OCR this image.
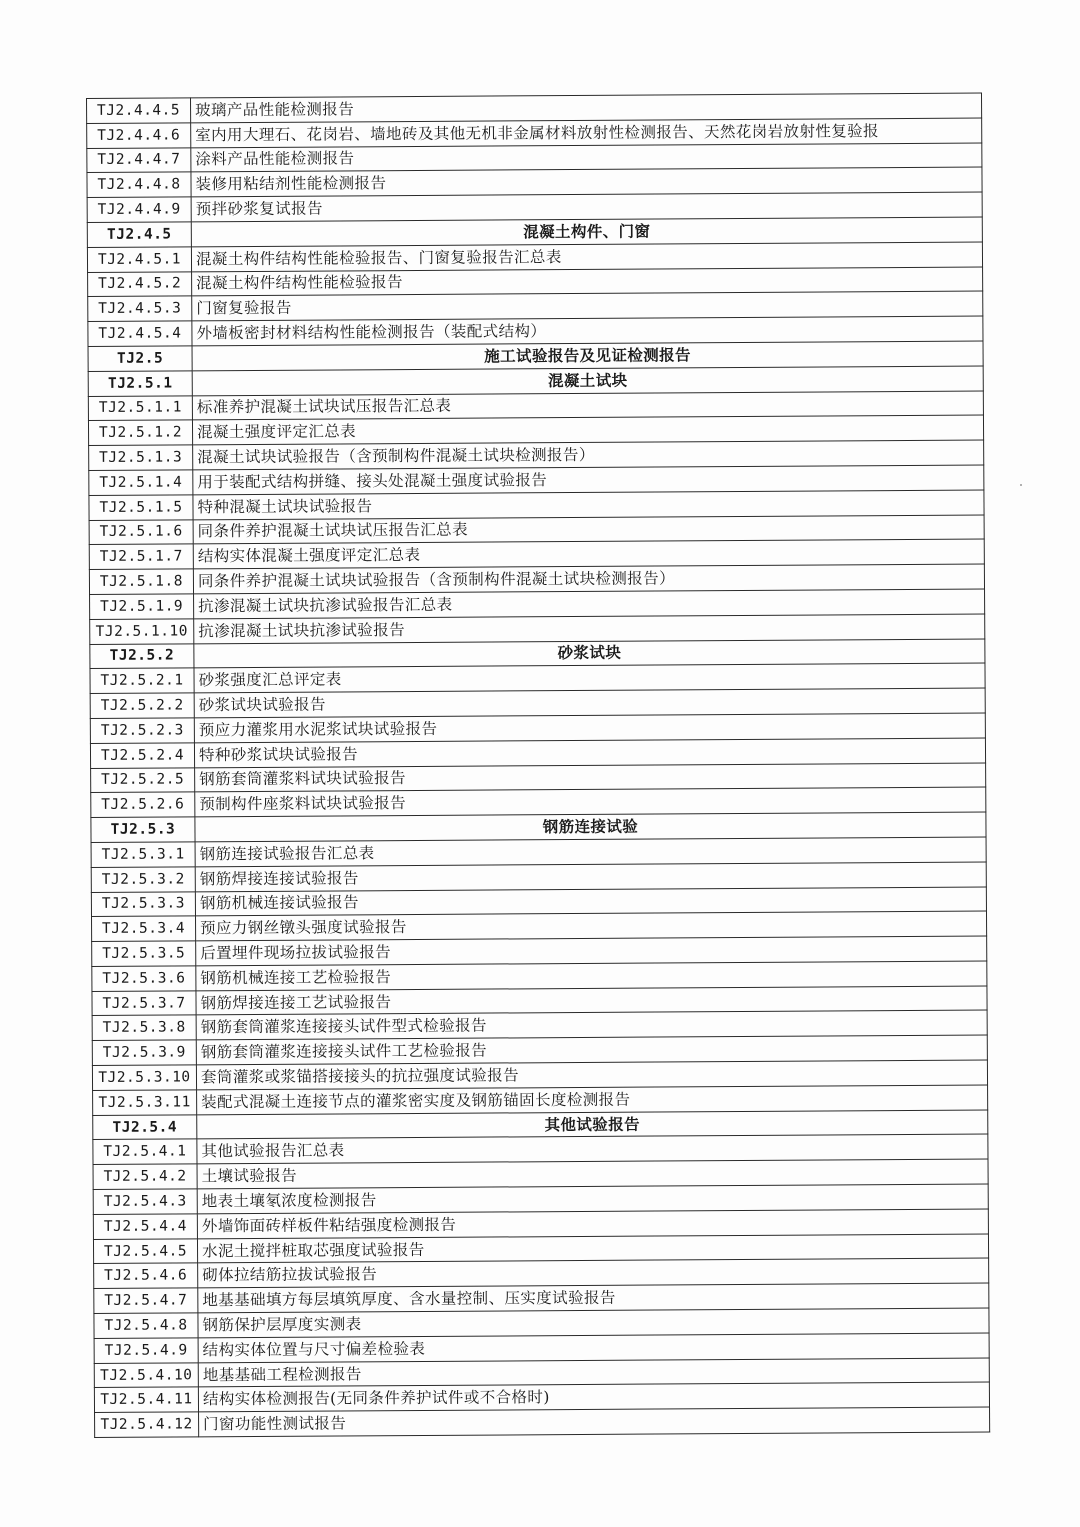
TJ2.4.4.5	玻璃产品性能检测报告
TJ2.4.4.6	室内用大理石、花岗岩、墙地砖及其他无机非金属材料放射性检测报告、天然花岗岩放射性复验报
TJ2.4.4.7	涂料产品性能检测报告
TJ2.4.4.8	装修用粘结剂性能检测报告
TJ2.4.4.9	预拌砂浆复试报告
TJ2.4.5	混凝土构件、门窗
TJ2.4.5.1	混凝土构件结构性能检验报告、门窗复验报告汇总表
TJ2.4.5.2	混凝土构件结构性能检验报告
TJ2.4.5.3	门窗复验报告
TJ2.4.5.4	外墙板密封材料结构性能检测报告（装配式结构）
TJ2.5	施工试验报告及见证检测报告
TJ2.5.1	混凝土试块
TJ2.5.1.1	标准养护混凝土试块试压报告汇总表
TJ2.5.1.2	混凝土强度评定汇总表
TJ2.5.1.3	混凝土试块试验报告（含预制构件混凝土试块检测报告）
TJ2.5.1.4	用于装配式结构拼缝、接头处混凝土强度试验报告
TJ2.5.1.5	特种混凝土试块试验报告
TJ2.5.1.6	同条件养护混凝土试块试压报告汇总表
TJ2.5.1.7	结构实体混凝土强度评定汇总表
TJ2.5.1.8	同条件养护混凝土试块试验报告（含预制构件混凝土试块检测报告）
TJ2.5.1.9	抗渗混凝土试块抗渗试验报告汇总表
TJ2.5.1.10	抗渗混凝土试块抗渗试验报告
TJ2.5.2	砂浆试块
TJ2.5.2.1	砂浆强度汇总评定表
TJ2.5.2.2	砂浆试块试验报告
TJ2.5.2.3	预应力灌浆用水泥浆试块试验报告
TJ2.5.2.4	特种砂浆试块试验报告
TJ2.5.2.5	钢筋套筒灌浆料试块试验报告
TJ2.5.2.6	预制构件座浆料试块试验报告
TJ2.5.3	钢筋连接试验
TJ2.5.3.1	钢筋连接试验报告汇总表
TJ2.5.3.2	钢筋焊接连接试验报告
TJ2.5.3.3	钢筋机械连接试验报告
TJ2.5.3.4	预应力钢丝镦头强度试验报告
TJ2.5.3.5	后置埋件现场拉拔试验报告
TJ2.5.3.6	钢筋机械连接工艺检验报告
TJ2.5.3.7	钢筋焊接连接工艺试验报告
TJ2.5.3.8	钢筋套筒灌浆连接接头试件型式检验报告
TJ2.5.3.9	钢筋套筒灌浆连接接头试件工艺检验报告
TJ2.5.3.10	套筒灌浆或浆锚搭接接头的抗拉强度试验报告
TJ2.5.3.11	装配式混凝土连接节点的灌浆密实度及钢筋锚固长度检测报告
TJ2.5.4	其他试验报告
TJ2.5.4.1	其他试验报告汇总表
TJ2.5.4.2	土壤试验报告
TJ2.5.4.3	地表土壤氡浓度检测报告
TJ2.5.4.4	外墙饰面砖样板件粘结强度检测报告
TJ2.5.4.5	水泥土搅拌桩取芯强度试验报告
TJ2.5.4.6	砌体拉结筋拉拔试验报告
TJ2.5.4.7	地基基础填方每层填筑厚度、含水量控制、压实度试验报告
TJ2.5.4.8	钢筋保护层厚度实测表
TJ2.5.4.9	结构实体位置与尺寸偏差检验表
TJ2.5.4.10	地基基础工程检测报告
TJ2.5.4.11	结构实体检测报告(无同条件养护试件或不合格时)
TJ2.5.4.12	门窗功能性测试报告
